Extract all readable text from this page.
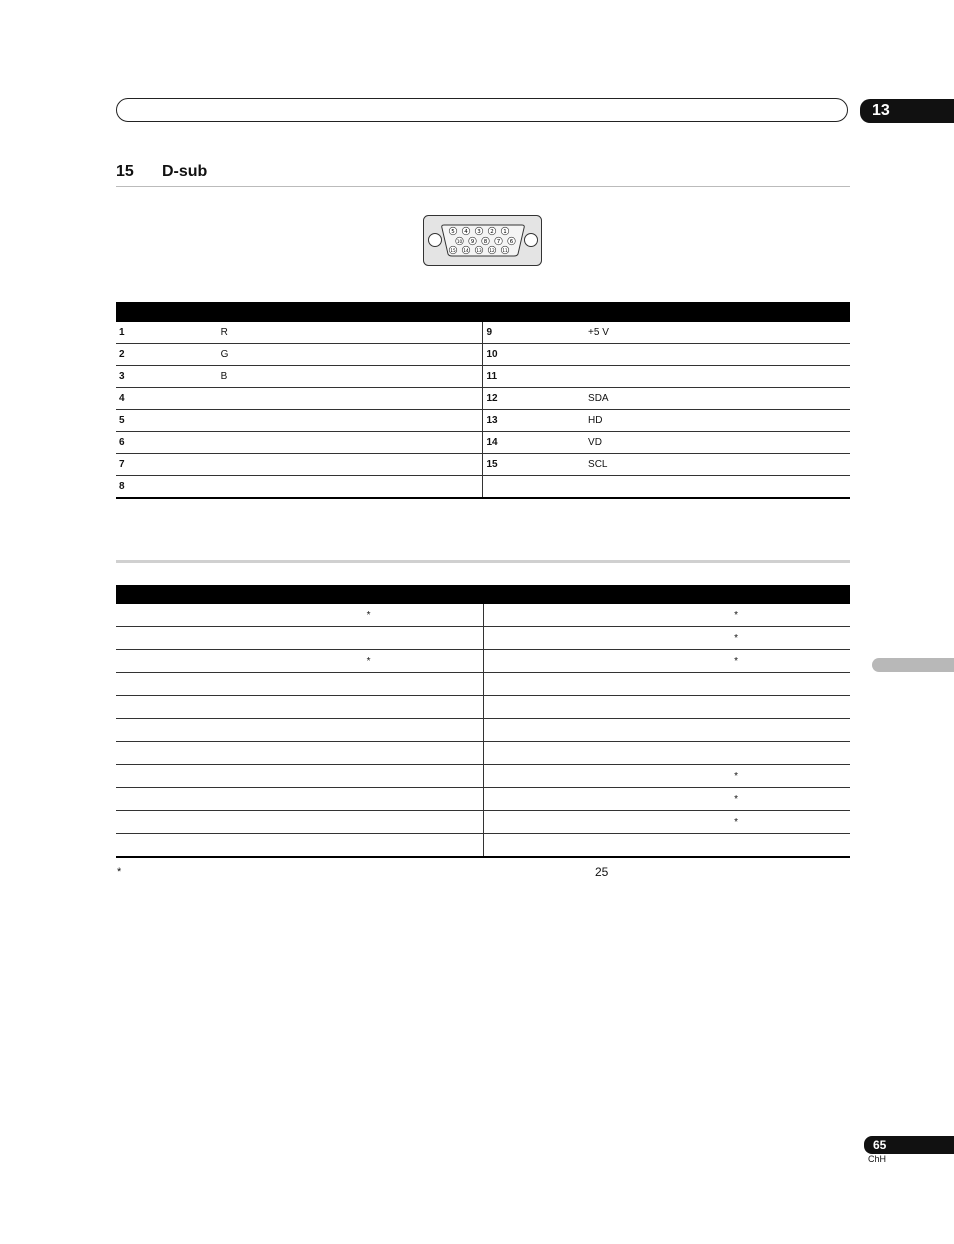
13
15 D-sub
5 4 3 2 1
10 9 8 7 6
15 14 13 12 11

1	R	9	+5 V
2	G	10	
3	B	11	
4		12	SDA
5		13	HD
6		14	VD
7		15	SCL
8			

*	*
	*
*	*

	*
	*
	*

*	25
65
ChH
